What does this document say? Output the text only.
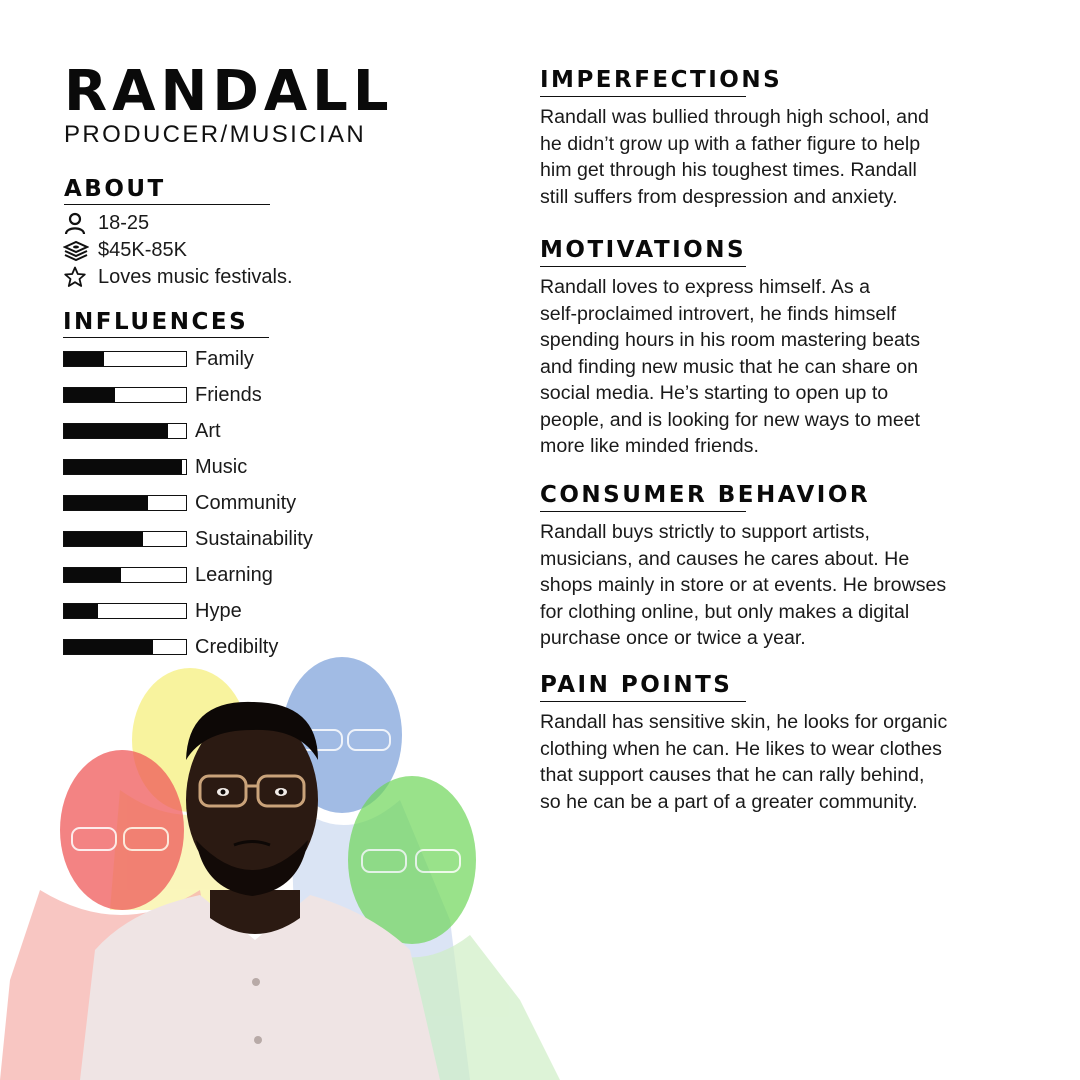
RANDALL
PRODUCER/MUSICIAN
ABOUT
18-25
$45K-85K
Loves music festivals.
INFLUENCES
Family
Friends
Art
Music
Community
Sustainability
Learning
Hype
Credibilty
IMPERFECTIONS
Randall was bullied through high school, and
he didn’t grow up with a father figure to help
him get through his toughest times. Randall
still suffers from despression and anxiety.
MOTIVATIONS
Randall loves to express himself. As a
self-proclaimed introvert, he finds himself
spending hours in his room mastering beats
and finding new music that he can share on
social media. He’s starting to open up to
people, and is looking for new ways to meet
more like minded friends.
CONSUMER BEHAVIOR
Randall buys strictly to support artists,
musicians, and causes he cares about. He
shops mainly in store or at events. He browses
for clothing online, but only makes a digital
purchase once or twice a year.
PAIN POINTS
Randall has sensitive skin, he looks for organic
clothing when he can. He likes to wear clothes
that support causes that he can rally behind,
so he can be a part of a greater community.
